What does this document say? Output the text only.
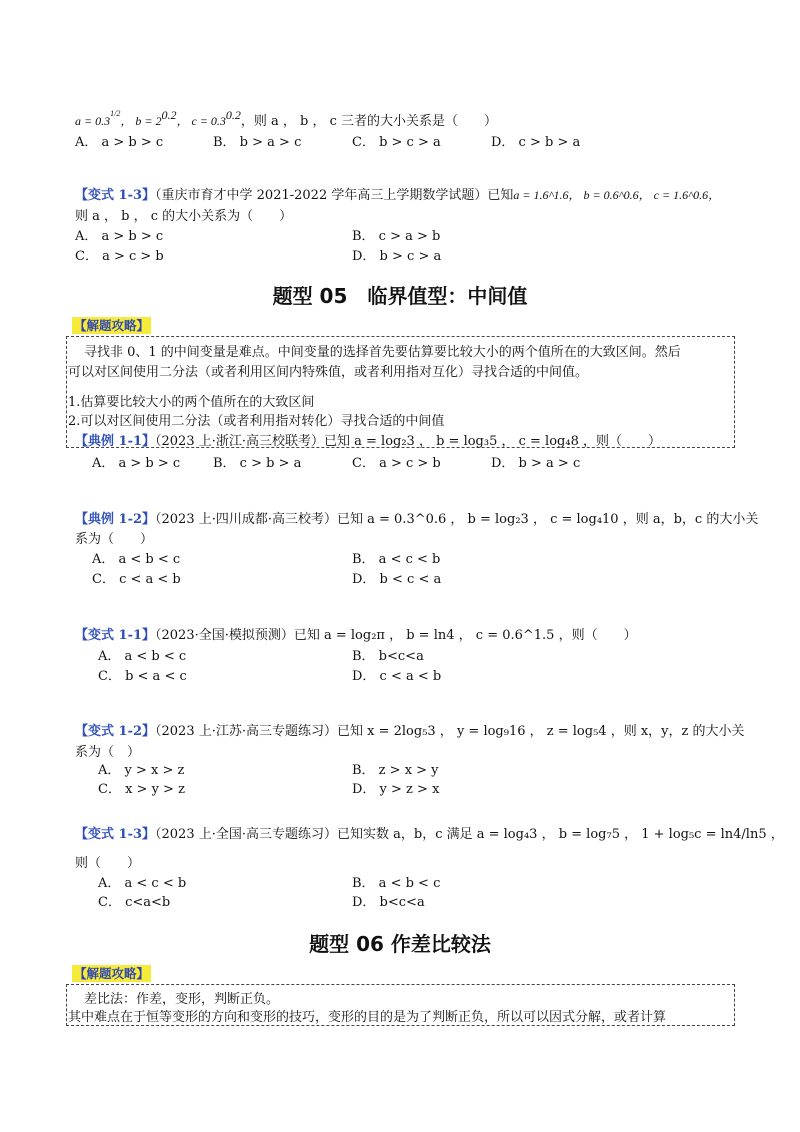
$a = 0.3^{1/2}$， $b = 2^{0.2}$， $c = 0.3^{0.2}$，则 a ， b ， c 三者的大小关系是（　　）
A． a > b > c	B． b > a > c	C． b > c > a	D． c > b > a
【变式 1-3】（重庆市育才中学 2021-2022 学年高三上学期数学试题）已知a = 1.6^1.6， b = 0.6^0.6， c = 1.6^0.6，
则 a ， b ， c 的大小关系为（　　）
A． a > b > c	B． c > a > b
C． a > c > b	D． b > c > a
题型 05　临界值型：中间值
【解题攻略】
寻找非 0、1 的中间变量是难点。中间变量的选择首先要估算要比较大小的两个值所在的大致区间。然后
可以对区间使用二分法（或者利用区间内特殊值，或者利用指对互化）寻找合适的中间值。
1.估算要比较大小的两个值所在的大致区间
2.可以对区间使用二分法（或者利用指对转化）寻找合适的中间值
【典例 1-1】（2023 上·浙江·高三校联考）已知 a = log₂3 ， b = log₃5 ， c = log₄8 ，则（　　）
A． a > b > c	B． c > b > a	C． a > c > b	D． b > a > c
【典例 1-2】（2023 上·四川成都·高三校考）已知 a = 0.3^0.6 ， b = log₂3 ， c = log₄10 ，则 a，b，c 的大小关
系为（　　）
A． a < b < c	B． a < c < b
C． c < a < b	D． b < c < a
【变式 1-1】（2023·全国·模拟预测）已知 a = log₂π ， b = ln4 ， c = 0.6^1.5 ，则（　　）
A． a < b < c	B． b<c<a
C． b < a < c	D． c < a < b
【变式 1-2】（2023 上·江苏·高三专题练习）已知 x = 2log₅3 ， y = log₉16 ， z = log₅4 ，则 x，y，z 的大小关
系为（　）
A． y > x > z	B． z > x > y
C． x > y > z	D． y > z > x
【变式 1-3】（2023 上·全国·高三专题练习）已知实数 a，b，c 满足 a = log₄3 ， b = log₇5 ， 1 + log₅c = ln4/ln5 ，
则（　　）
A． a < c < b	B． a < b < c
C． c<a<b	D． b<c<a
题型 06 作差比较法
【解题攻略】
差比法：作差，变形，判断正负。
其中难点在于恒等变形的方向和变形的技巧，变形的目的是为了判断正负，所以可以因式分解，或者计算
